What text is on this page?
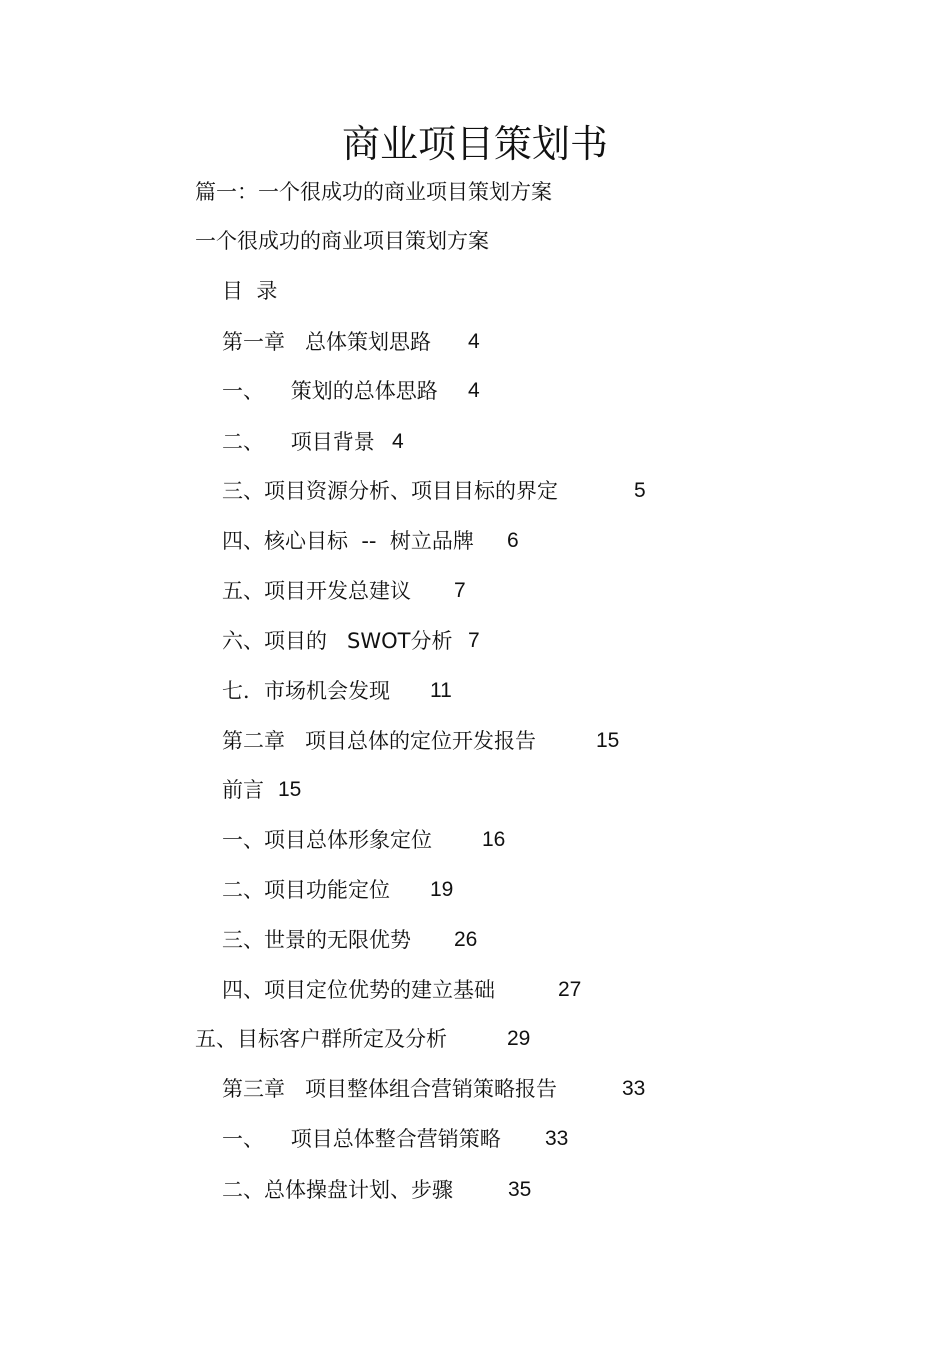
商业项目策划书
篇一：一个很成功的商业项目策划方案
一个很成功的商业项目策划方案
目  录
第一章   总体策划思路 4
一、    策划的总体思路 4
二、    项目背景 4
三、项目资源分析、项目目标的界定	5
四、核心目标  --  树立品牌 6
五、项目开发总建议 7
六、项目的   SWOT分析 7
七．市场机会发现 11
第二章   项目总体的定位开发报告	15
前言 15
一、项目总体形象定位 16
二、项目功能定位 19
三、世景的无限优势 26
四、项目定位优势的建立基础	27
五、目标客户群所定及分析	29
第三章   项目整体组合营销策略报告	33
一、    项目总体整合营销策略 33
二、总体操盘计划、步骤	35
